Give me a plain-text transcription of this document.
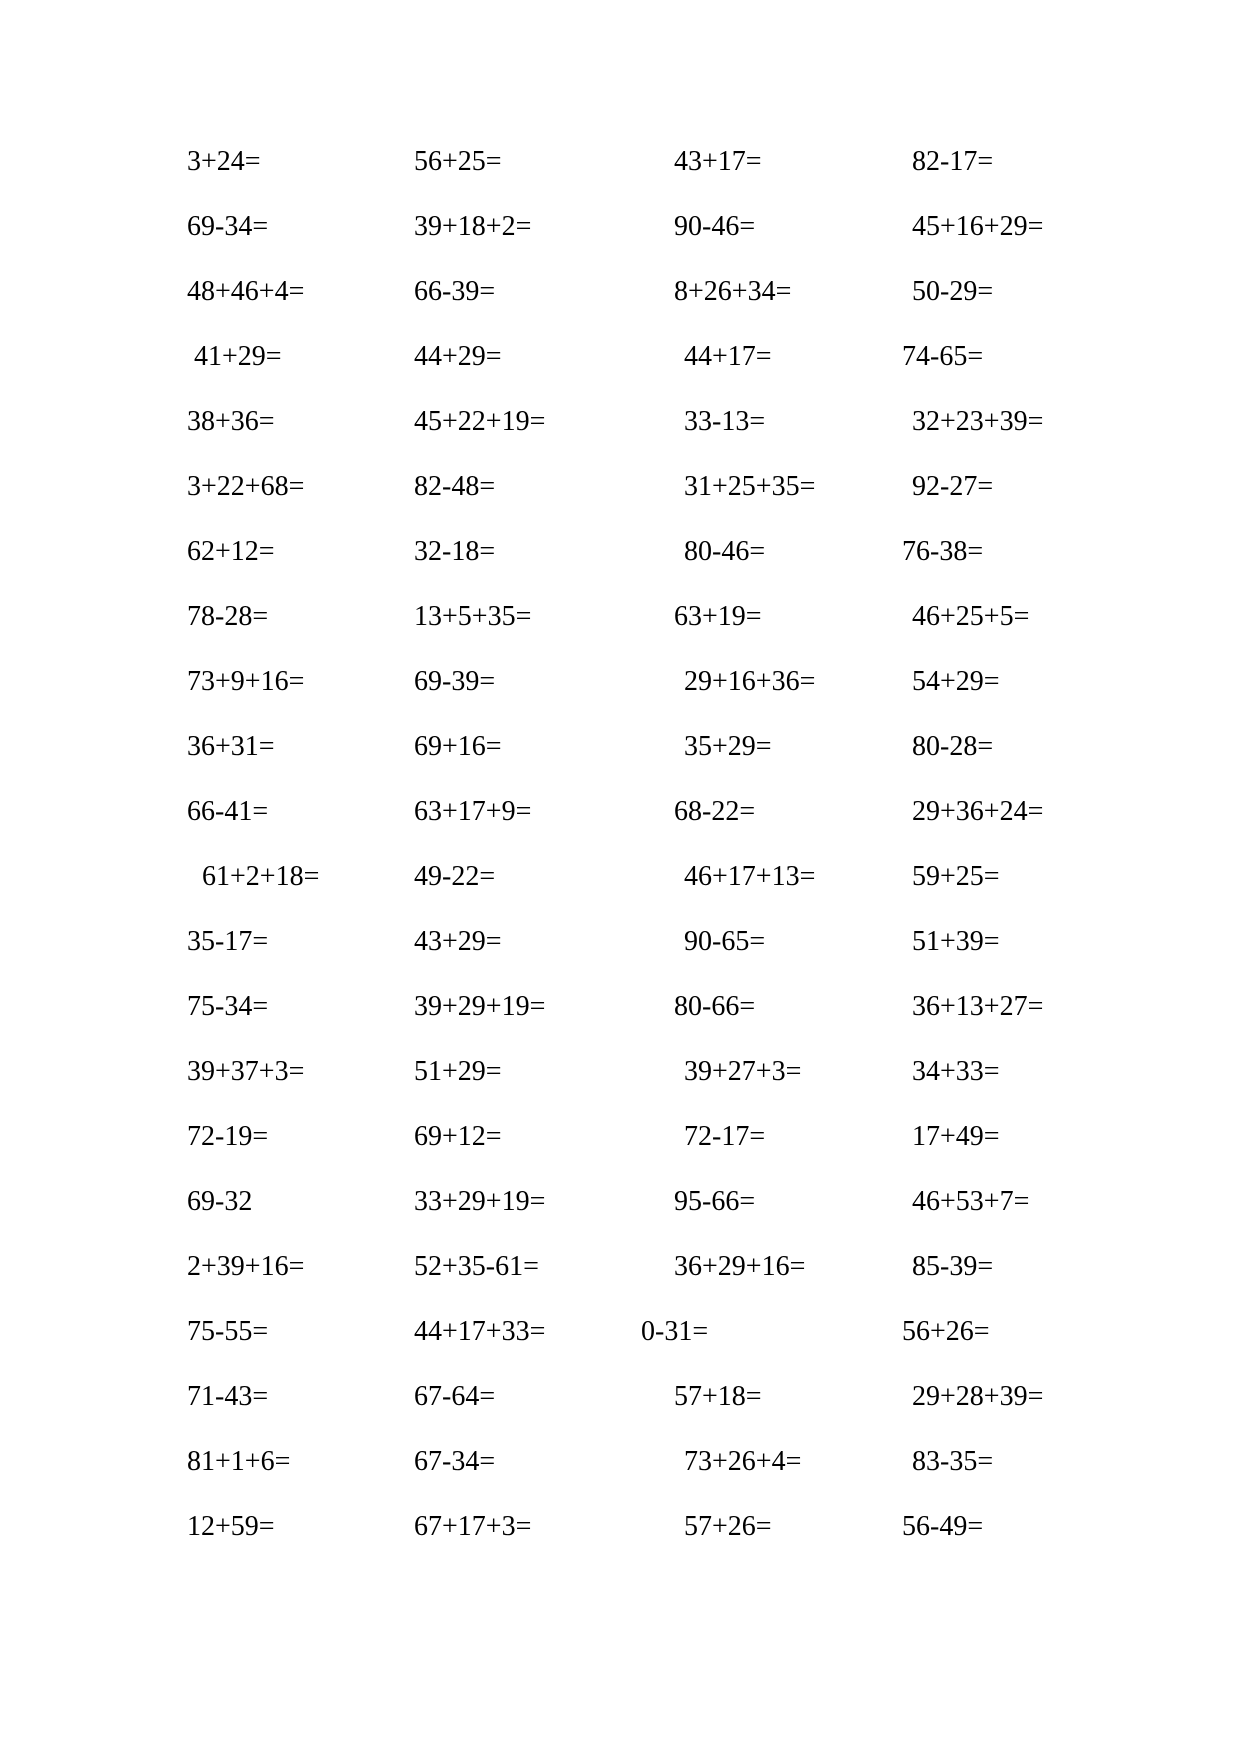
3+24=	56+25=	43+17=	82-17=
69-34=	39+18+2=	90-46=	45+16+29=
48+46+4=	66-39=	8+26+34=	50-29=
41+29=	44+29=	44+17=	74-65=
38+36=	45+22+19=	33-13=	32+23+39=
3+22+68=	82-48=	31+25+35=	92-27=
62+12=	32-18=	80-46=	76-38=
78-28=	13+5+35=	63+19=	46+25+5=
73+9+16=	69-39=	29+16+36=	54+29=
36+31=	69+16=	35+29=	80-28=
66-41=	63+17+9=	68-22=	29+36+24=
61+2+18=	49-22=	46+17+13=	59+25=
35-17=	43+29=	90-65=	51+39=
75-34=	39+29+19=	80-66=	36+13+27=
39+37+3=	51+29=	39+27+3=	34+33=
72-19=	69+12=	72-17=	17+49=
69-32	33+29+19=	95-66=	46+53+7=
2+39+16=	52+35-61=	36+29+16=	85-39=
75-55=	44+17+33=	0-31=	56+26=
71-43=	67-64=	57+18=	29+28+39=
81+1+6=	67-34=	73+26+4=	83-35=
12+59=	67+17+3=	57+26=	56-49=
